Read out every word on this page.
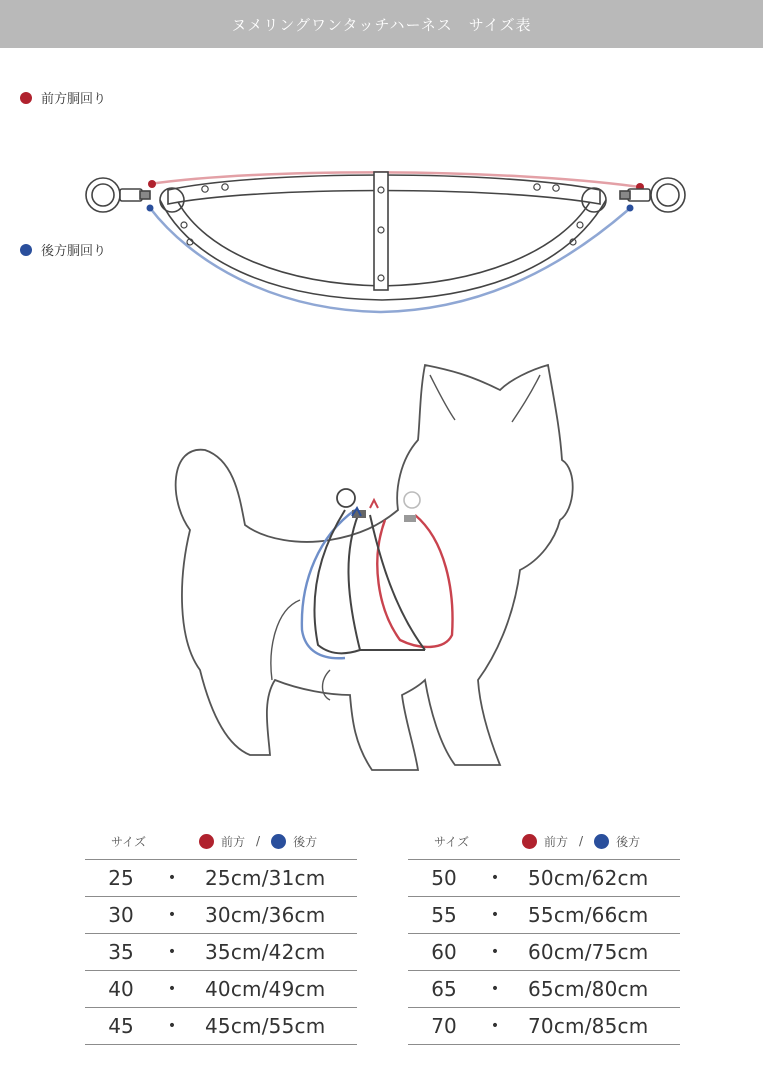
ヌメリングワンタッチハーネス　サイズ表
前方胴回り
後方胴回り
サイズ	前方 /	後方
25	•	25cm/31cm
30	•	30cm/36cm
35	•	35cm/42cm
40	•	40cm/49cm
45	•	45cm/55cm
サイズ	前方 /	後方
50	•	50cm/62cm
55	•	55cm/66cm
60	•	60cm/75cm
65	•	65cm/80cm
70	•	70cm/85cm
